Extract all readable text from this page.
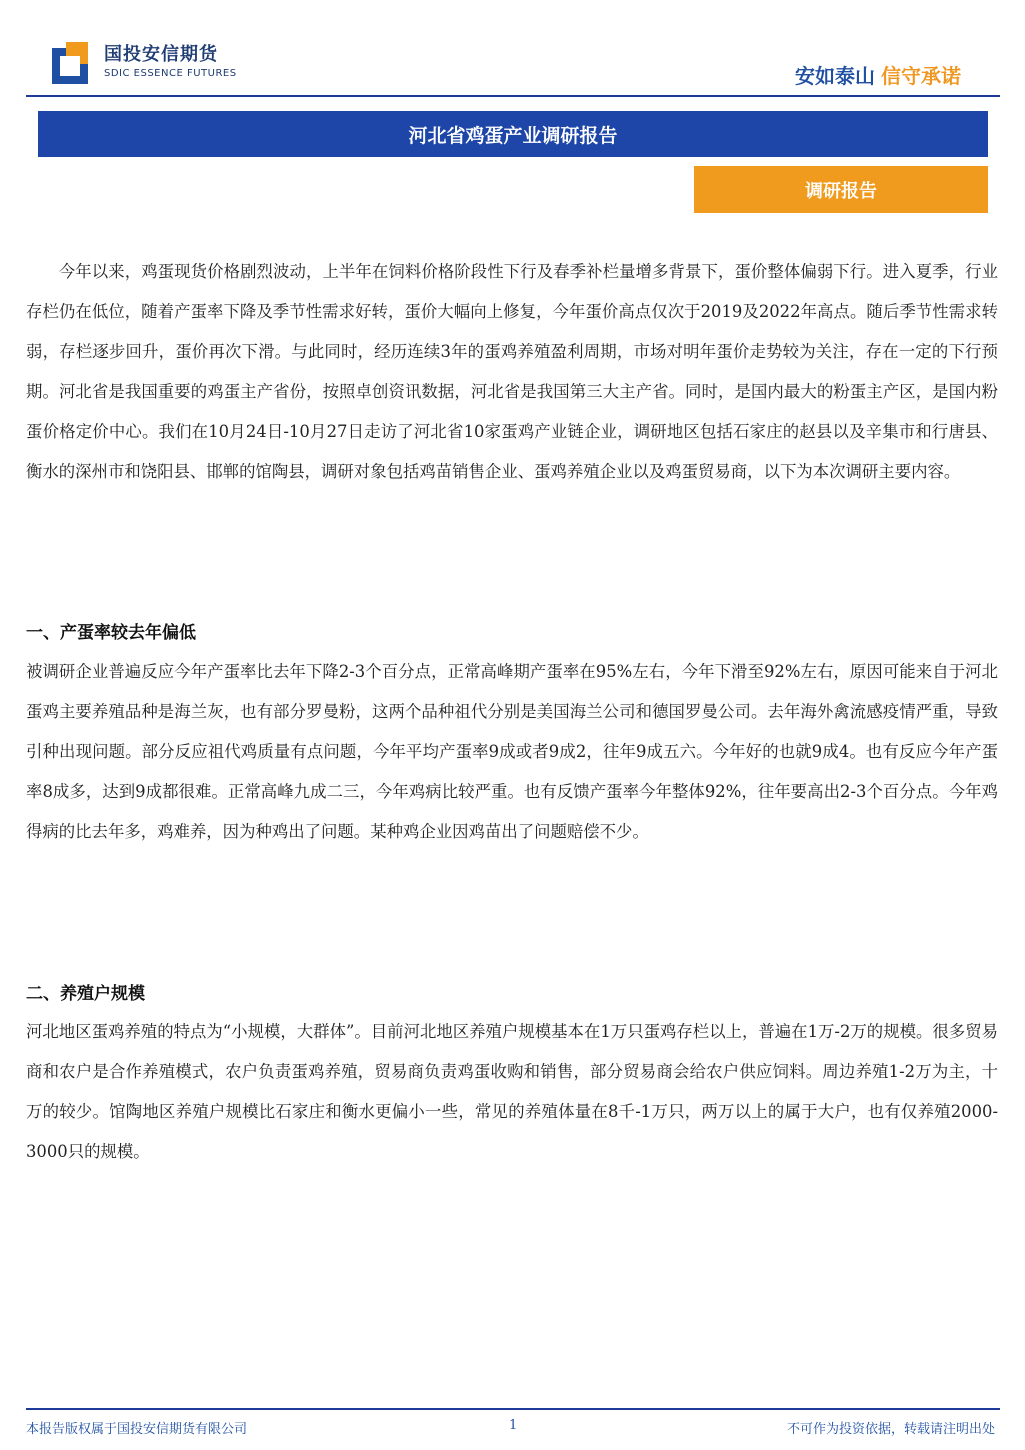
国投安信期货
SDIC ESSENCE FUTURES	安如泰山 信守承诺
河北省鸡蛋产业调研报告
调研报告

今年以来，鸡蛋现货价格剧烈波动，上半年在饲料价格阶段性下行及春季补栏量增多背景下，蛋价整体偏弱下行。进入夏季，行业存栏仍在低位，随着产蛋率下降及季节性需求好转，蛋价大幅向上修复，今年蛋价高点仅次于2019及2022年高点。随后季节性需求转弱，存栏逐步回升，蛋价再次下滑。与此同时，经历连续3年的蛋鸡养殖盈利周期，市场对明年蛋价走势较为关注，存在一定的下行预期。河北省是我国重要的鸡蛋主产省份，按照卓创资讯数据，河北省是我国第三大主产省。同时，是国内最大的粉蛋主产区，是国内粉蛋价格定价中心。我们在10月24日-10月27日走访了河北省10家蛋鸡产业链企业，调研地区包括石家庄的赵县以及辛集市和行唐县、衡水的深州市和饶阳县、邯郸的馆陶县，调研对象包括鸡苗销售企业、蛋鸡养殖企业以及鸡蛋贸易商，以下为本次调研主要内容。

一、产蛋率较去年偏低

被调研企业普遍反应今年产蛋率比去年下降2-3个百分点，正常高峰期产蛋率在95%左右，今年下滑至92%左右，原因可能来自于河北蛋鸡主要养殖品种是海兰灰，也有部分罗曼粉，这两个品种祖代分别是美国海兰公司和德国罗曼公司。去年海外禽流感疫情严重，导致引种出现问题。部分反应祖代鸡质量有点问题，今年平均产蛋率9成或者9成2，往年9成五六。今年好的也就9成4。也有反应今年产蛋率8成多，达到9成都很难。正常高峰九成二三，今年鸡病比较严重。也有反馈产蛋率今年整体92%，往年要高出2-3个百分点。今年鸡得病的比去年多，鸡难养，因为种鸡出了问题。某种鸡企业因鸡苗出了问题赔偿不少。

二、养殖户规模

河北地区蛋鸡养殖的特点为“小规模，大群体”。目前河北地区养殖户规模基本在1万只蛋鸡存栏以上，普遍在1万-2万的规模。很多贸易商和农户是合作养殖模式，农户负责蛋鸡养殖，贸易商负责鸡蛋收购和销售，部分贸易商会给农户供应饲料。周边养殖1-2万为主，十万的较少。馆陶地区养殖户规模比石家庄和衡水更偏小一些，常见的养殖体量在8千-1万只，两万以上的属于大户，也有仅养殖2000-3000只的规模。

本报告版权属于国投安信期货有限公司	1	不可作为投资依据，转载请注明出处
